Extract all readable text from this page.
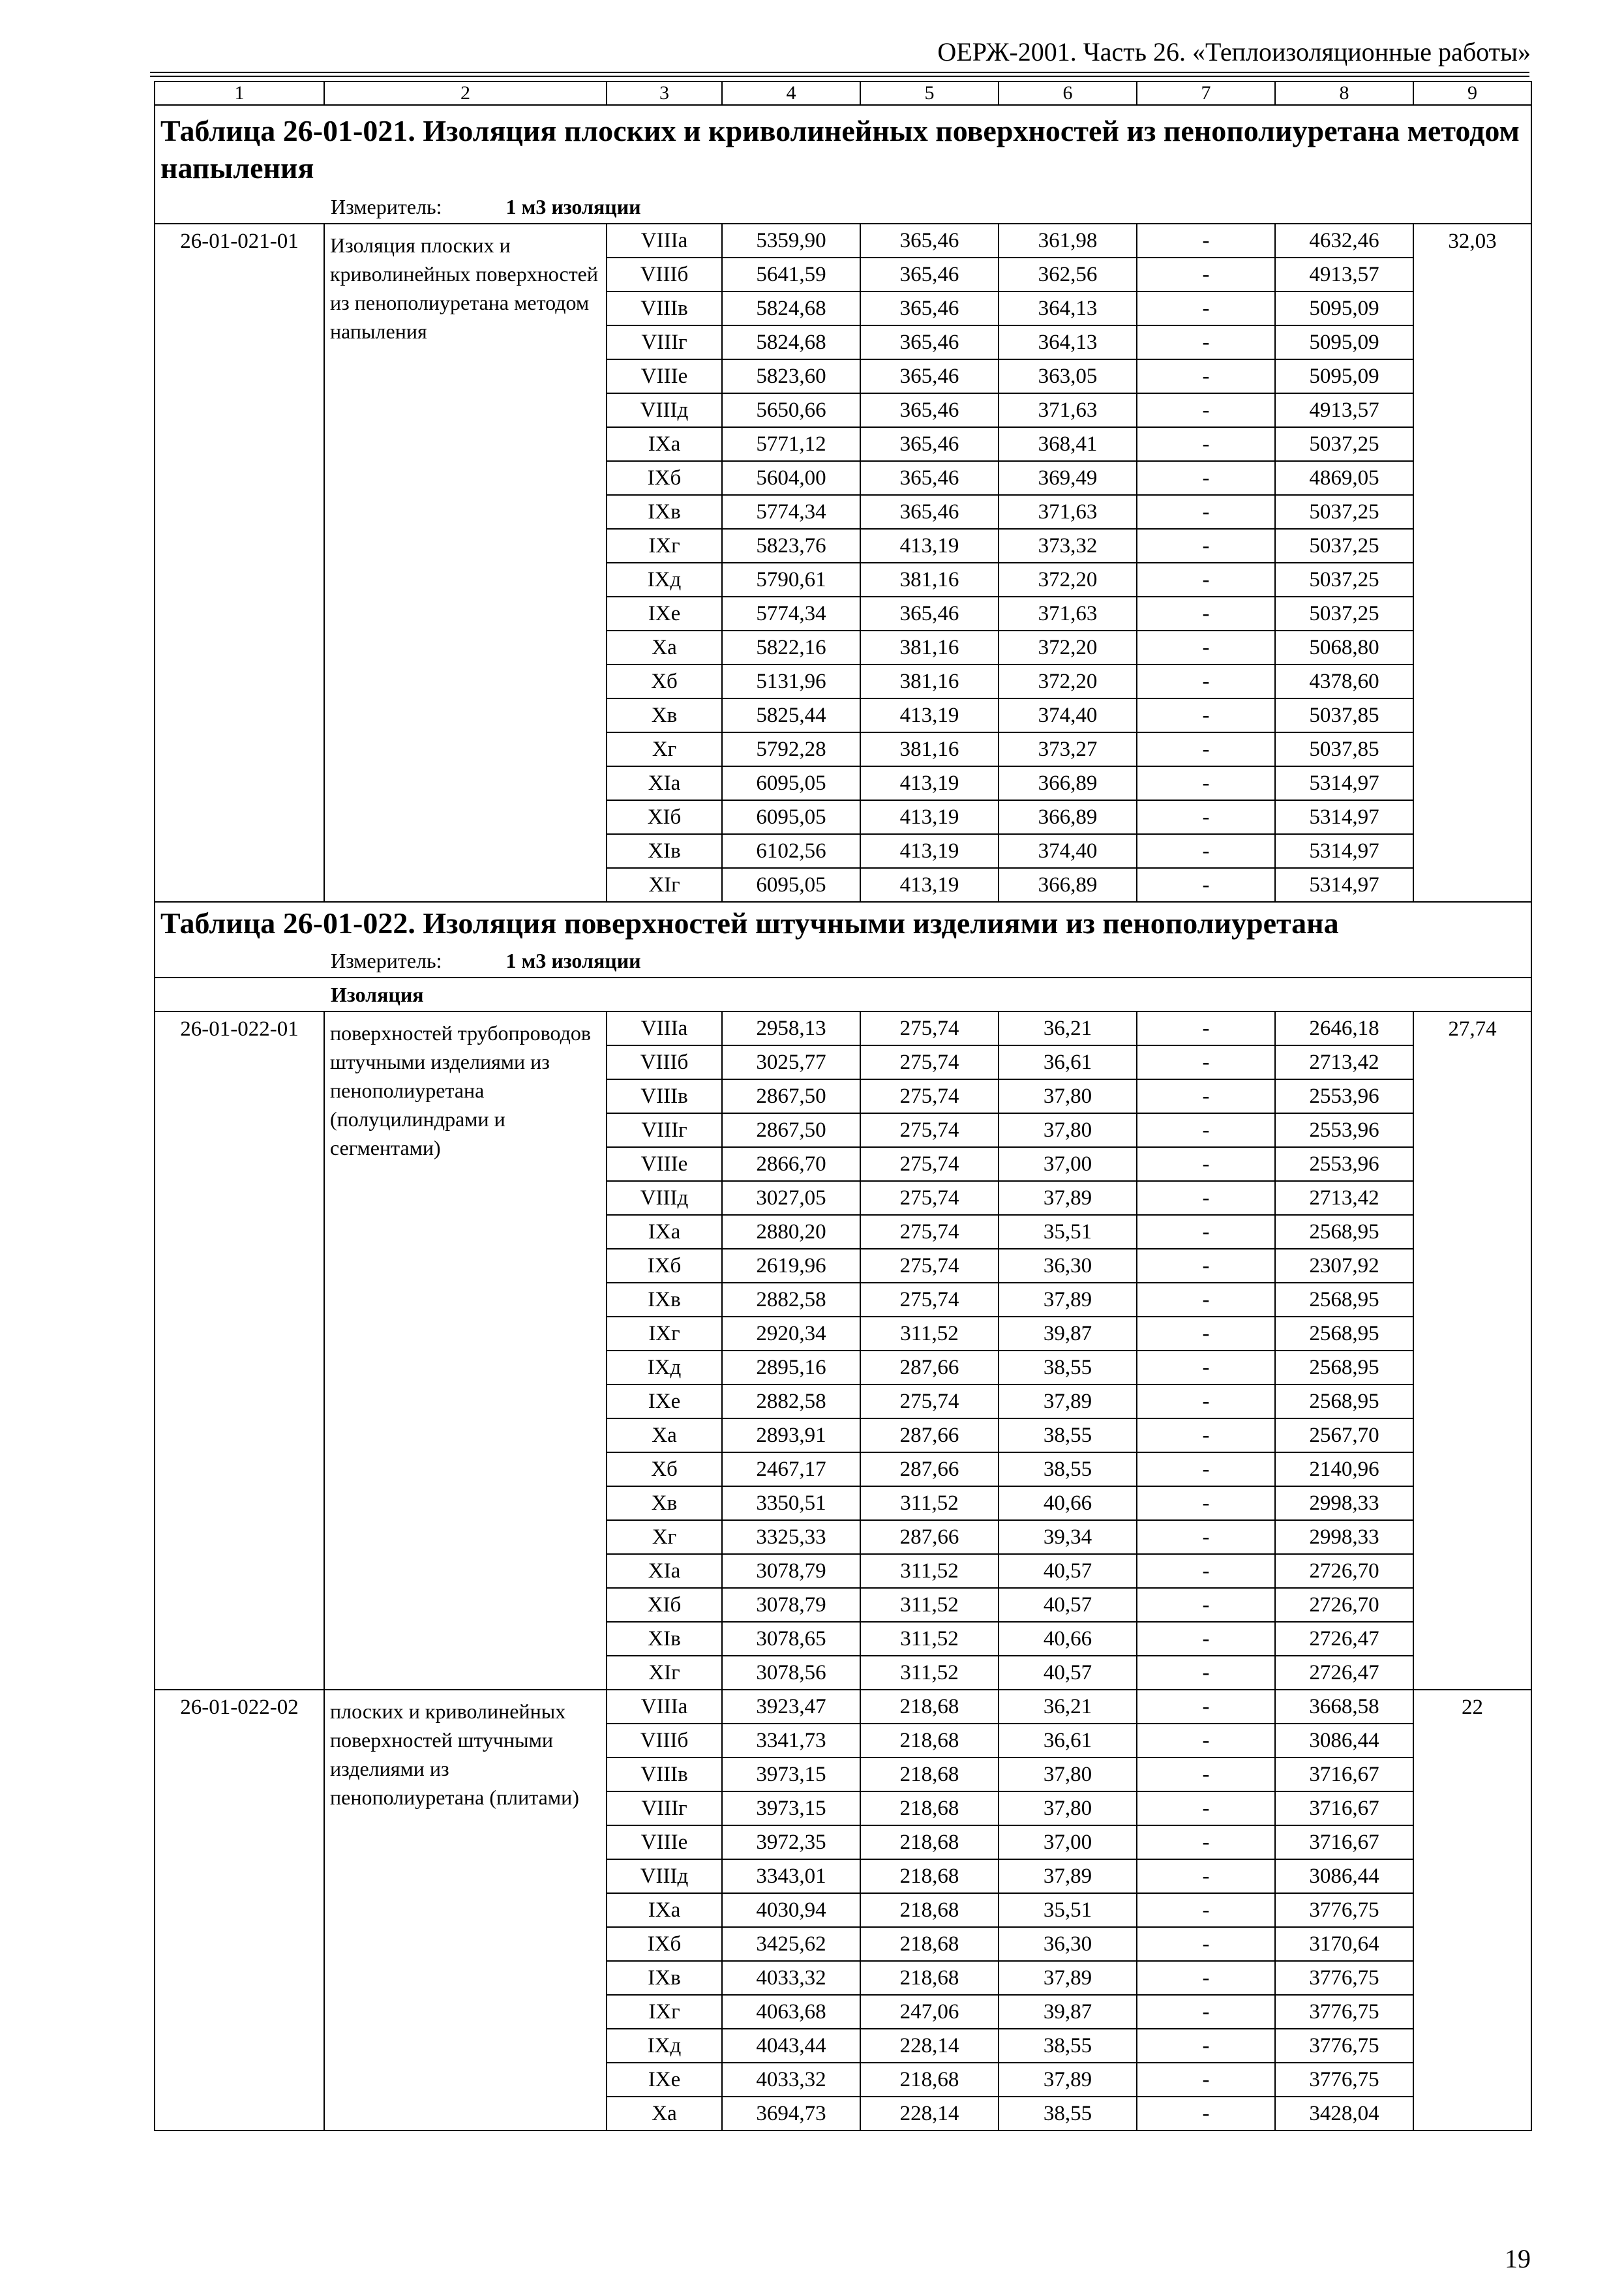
ОЕРЖ-2001. Часть 26. «Теплоизоляционные работы»
1	2	3	4	5	6	7	8	9
Таблица 26-01-021. Изоляция плоских и криволинейных поверхностей из пенополиуретана методом напыления								
	Измеритель: 1 м3 изоляции							
26-01-021-01	Изоляция плоских и криволинейных поверхностей из пенополиуретана методом напыления	VIIIа	5359,90	365,46	361,98	-	4632,46	32,03
		VIIIб	5641,59	365,46	362,56	-	4913,57	
		VIIIв	5824,68	365,46	364,13	-	5095,09	
		VIIIг	5824,68	365,46	364,13	-	5095,09	
		VIIIе	5823,60	365,46	363,05	-	5095,09	
		VIIIд	5650,66	365,46	371,63	-	4913,57	
		IXа	5771,12	365,46	368,41	-	5037,25	
		IXб	5604,00	365,46	369,49	-	4869,05	
		IXв	5774,34	365,46	371,63	-	5037,25	
		IXг	5823,76	413,19	373,32	-	5037,25	
		IXд	5790,61	381,16	372,20	-	5037,25	
		IXе	5774,34	365,46	371,63	-	5037,25	
		Xа	5822,16	381,16	372,20	-	5068,80	
		Xб	5131,96	381,16	372,20	-	4378,60	
		Xв	5825,44	413,19	374,40	-	5037,85	
		Xг	5792,28	381,16	373,27	-	5037,85	
		XIа	6095,05	413,19	366,89	-	5314,97	
		XIб	6095,05	413,19	366,89	-	5314,97	
		XIв	6102,56	413,19	374,40	-	5314,97	
		XIг	6095,05	413,19	366,89	-	5314,97	
Таблица 26-01-022. Изоляция поверхностей штучными изделиями из пенополиуретана								
	Измеритель: 1 м3 изоляции							
	Изоляция							
26-01-022-01	поверхностей трубопроводов штучными изделиями из пенополиуретана (полуцилиндрами и сегментами)	VIIIа	2958,13	275,74	36,21	-	2646,18	27,74
		VIIIб	3025,77	275,74	36,61	-	2713,42	
		VIIIв	2867,50	275,74	37,80	-	2553,96	
		VIIIг	2867,50	275,74	37,80	-	2553,96	
		VIIIе	2866,70	275,74	37,00	-	2553,96	
		VIIIд	3027,05	275,74	37,89	-	2713,42	
		IXа	2880,20	275,74	35,51	-	2568,95	
		IXб	2619,96	275,74	36,30	-	2307,92	
		IXв	2882,58	275,74	37,89	-	2568,95	
		IXг	2920,34	311,52	39,87	-	2568,95	
		IXд	2895,16	287,66	38,55	-	2568,95	
		IXе	2882,58	275,74	37,89	-	2568,95	
		Xа	2893,91	287,66	38,55	-	2567,70	
		Xб	2467,17	287,66	38,55	-	2140,96	
		Xв	3350,51	311,52	40,66	-	2998,33	
		Xг	3325,33	287,66	39,34	-	2998,33	
		XIа	3078,79	311,52	40,57	-	2726,70	
		XIб	3078,79	311,52	40,57	-	2726,70	
		XIв	3078,65	311,52	40,66	-	2726,47	
		XIг	3078,56	311,52	40,57	-	2726,47	
26-01-022-02	плоских и криволинейных поверхностей штучными изделиями из пенополиуретана (плитами)	VIIIа	3923,47	218,68	36,21	-	3668,58	22
		VIIIб	3341,73	218,68	36,61	-	3086,44	
		VIIIв	3973,15	218,68	37,80	-	3716,67	
		VIIIг	3973,15	218,68	37,80	-	3716,67	
		VIIIе	3972,35	218,68	37,00	-	3716,67	
		VIIIд	3343,01	218,68	37,89	-	3086,44	
		IXа	4030,94	218,68	35,51	-	3776,75	
		IXб	3425,62	218,68	36,30	-	3170,64	
		IXв	4033,32	218,68	37,89	-	3776,75	
		IXг	4063,68	247,06	39,87	-	3776,75	
		IXд	4043,44	228,14	38,55	-	3776,75	
		IXе	4033,32	218,68	37,89	-	3776,75	
		Xа	3694,73	228,14	38,55	-	3428,04	
19
